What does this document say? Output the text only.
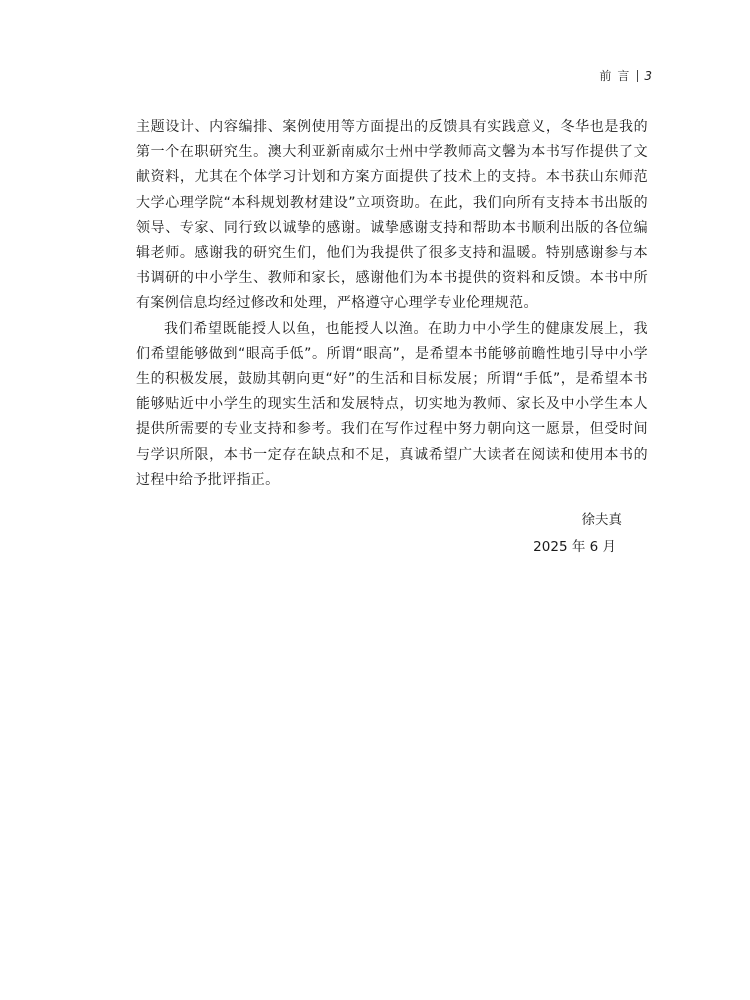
前言 3

主题设计、内容编排、案例使用等方面提出的反馈具有实践意义，冬华也是我的第一个在职研究生。澳大利亚新南威尔士州中学教师高文馨为本书写作提供了文献资料，尤其在个体学习计划和方案方面提供了技术上的支持。本书获山东师范大学心理学院“本科规划教材建设”立项资助。在此，我们向所有支持本书出版的领导、专家、同行致以诚挚的感谢。诚挚感谢支持和帮助本书顺利出版的各位编辑老师。感谢我的研究生们，他们为我提供了很多支持和温暖。特别感谢参与本书调研的中小学生、教师和家长，感谢他们为本书提供的资料和反馈。本书中所有案例信息均经过修改和处理，严格遵守心理学专业伦理规范。

我们希望既能授人以鱼，也能授人以渔。在助力中小学生的健康发展上，我们希望能够做到“眼高手低”。所谓“眼高”，是希望本书能够前瞻性地引导中小学生的积极发展，鼓励其朝向更“好”的生活和目标发展；所谓“手低”，是希望本书能够贴近中小学生的现实生活和发展特点，切实地为教师、家长及中小学生本人提供所需要的专业支持和参考。我们在写作过程中努力朝向这一愿景，但受时间与学识所限，本书一定存在缺点和不足，真诚希望广大读者在阅读和使用本书的过程中给予批评指正。

徐夫真
2025 年 6 月
